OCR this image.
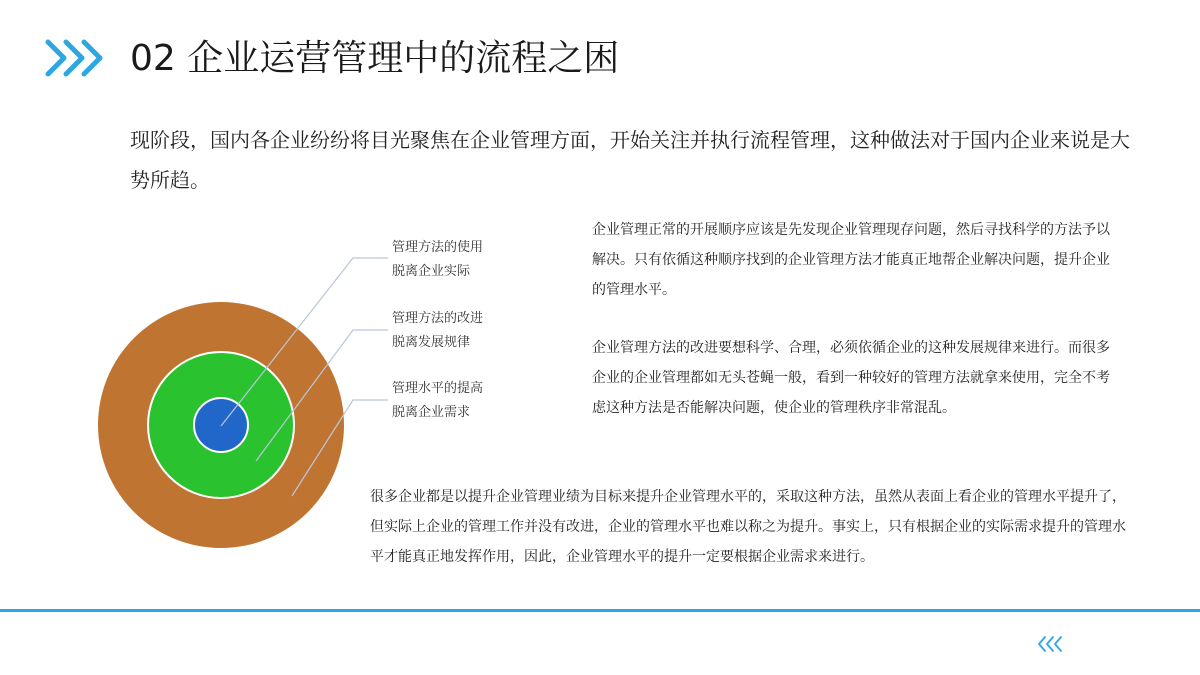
02 企业运营管理中的流程之困
现阶段，国内各企业纷纷将目光聚焦在企业管理方面，开始关注并执行流程管理，这种做法对于国内企业来说是大势所趋。
管理方法的使用
脱离企业实际
管理方法的改进
脱离发展规律
管理水平的提高
脱离企业需求
企业管理正常的开展顺序应该是先发现企业管理现存问题，然后寻找科学的方法予以解决。只有依循这种顺序找到的企业管理方法才能真正地帮企业解决问题，提升企业的管理水平。
企业管理方法的改进要想科学、合理，必须依循企业的这种发展规律来进行。而很多企业的企业管理都如无头苍蝇一般，看到一种较好的管理方法就拿来使用，完全不考虑这种方法是否能解决问题，使企业的管理秩序非常混乱。
很多企业都是以提升企业管理业绩为目标来提升企业管理水平的，采取这种方法，虽然从表面上看企业的管理水平提升了，但实际上企业的管理工作并没有改进，企业的管理水平也难以称之为提升。事实上，只有根据企业的实际需求提升的管理水平才能真正地发挥作用，因此，企业管理水平的提升一定要根据企业需求来进行。
